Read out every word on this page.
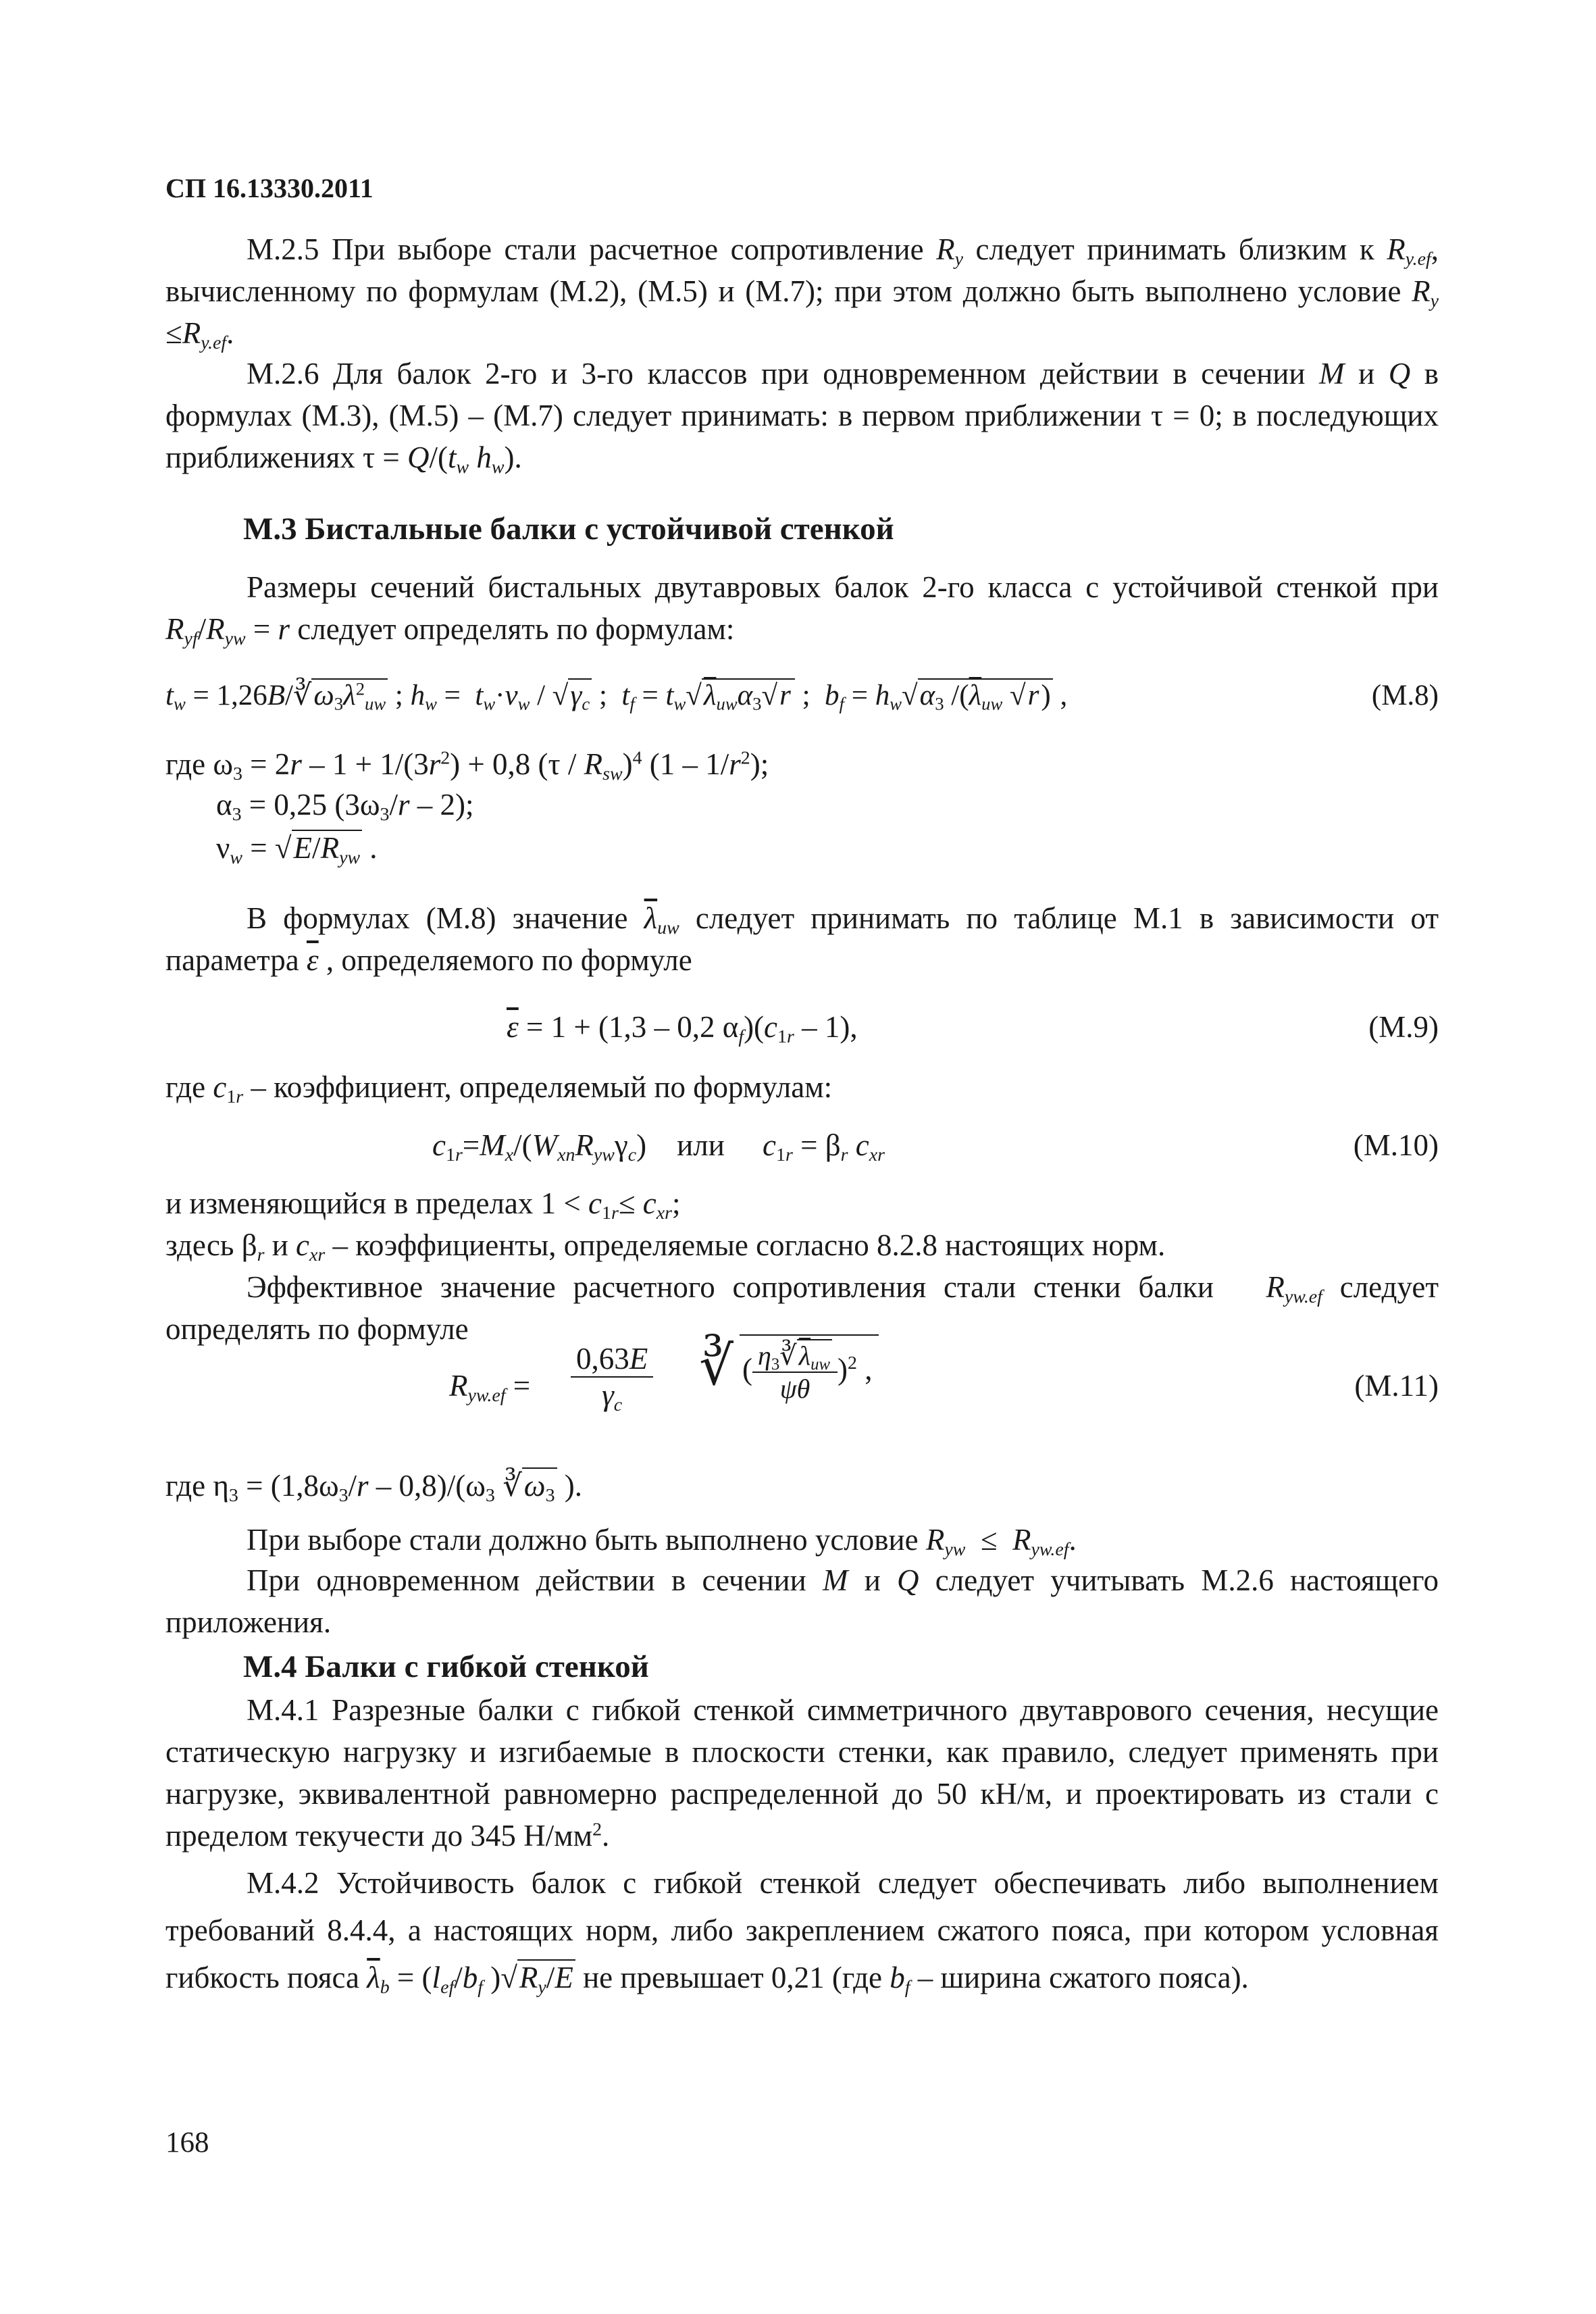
СП 16.13330.2011
М.2.5 При выборе стали расчетное сопротивление $R_y$ следует принимать близким к $R_{y.ef}$, вычисленному по формулам (М.2), (М.5) и (М.7); при этом должно быть выполнено условие $R_y \le R_{y.ef}$.
М.2.6 Для балок 2-го и 3-го классов при одновременном действии в сечении M и Q в формулах (М.3), (М.5) – (М.7) следует принимать: в первом приближении τ = 0; в последующих приближениях $\tau = Q/(t_w$ $h_w$).
М.3 Бистальные балки с устойчивой стенкой
Размеры сечений бистальных двутавровых балок 2-го класса с устойчивой стенкой при $R_{yf}/R_{yw} = r$ следует определять по формулам:
$t_w$ = $1,26B/∛\omega_3\lambda^2_{uw}$ ; $h_w = t_w\cdot\nu_w / √\gamma_c$ ;  $t_f = t_w√\lambda_{uw}\alpha_3√r$ ;  $b_f = h_w√\alpha_3$ $/(\overline{\lambda}_{uw}$ √r) ,	(М.8)
где $\omega_3 = 2r - 1 + 1/(3r^2) + 0,8$ $(\tau / R_{sw})^4$ $(1 - 1/r^2)$;
$\alpha_3 = 0,25$ $(3\omega_3/r - 2)$;
$\nu_w = √E/R_{yw}$ .
В формулах (М.8) значение $\overline{\lambda}_{uw}$ следует принимать по таблице М.1 в зависимости от параметра $\overline{\varepsilon}$ , определяемого по формуле
$\overline{\varepsilon} = 1 + (1,3 - 0,2$ $\alpha_f)(c_{1r} - 1)$,	(М.9)
где $c_{1r}$ – коэффициент, определяемый по формулам:
$c_{1r}=M_x/(W_{xn}R_{yw}\gamma_c)$    или     $c_{1r} = \beta_r$ $c_{xr}$	(М.10)
и изменяющийся в пределах $1 < c_{1r}\le c_{xr}$;
здесь $\beta_r$ и $c_{xr}$ – коэффициенты, определяемые согласно 8.2.8 настоящих норм.
Эффективное значение расчетного сопротивления стали стенки балки   $R_{yw.ef}$ следует определять по формуле
$R_{yw.ef} = \frac{0,63E}{\gamma_c}$ ∛ ( $\frac{\eta_3∛\overline{\lambda}_{uw}}{\psi\theta} )^2$ ,	(М.11)
где $\eta_3 = (1,8\omega_3/r - 0,8)/(\omega_3$ $∛\omega_3$ ).
При выборе стали должно быть выполнено условие $R_{yw} \le R_{yw.ef}$.
При одновременном действии в сечении M и Q следует учитывать М.2.6 настоящего приложения.
М.4 Балки с гибкой стенкой
М.4.1 Разрезные балки с гибкой стенкой симметричного двутаврового сечения, несущие статическую нагрузку и изгибаемые в плоскости стенки, как правило, следует применять при нагрузке, эквивалентной равномерно распределенной до 50 кН/м, и проектировать из стали с пределом текучести до 345 $Н/мм^2$.
М.4.2 Устойчивость балок с гибкой стенкой следует обеспечивать либо выполнением требований 8.4.4, а настоящих норм, либо закреплением сжатого пояса, при котором условная гибкость пояса $\overline{\lambda}_b = (l_{ef}/b_f$ )$√R_y/E$ не превышает 0,21 (где $b_f$ – ширина сжатого пояса).
168
